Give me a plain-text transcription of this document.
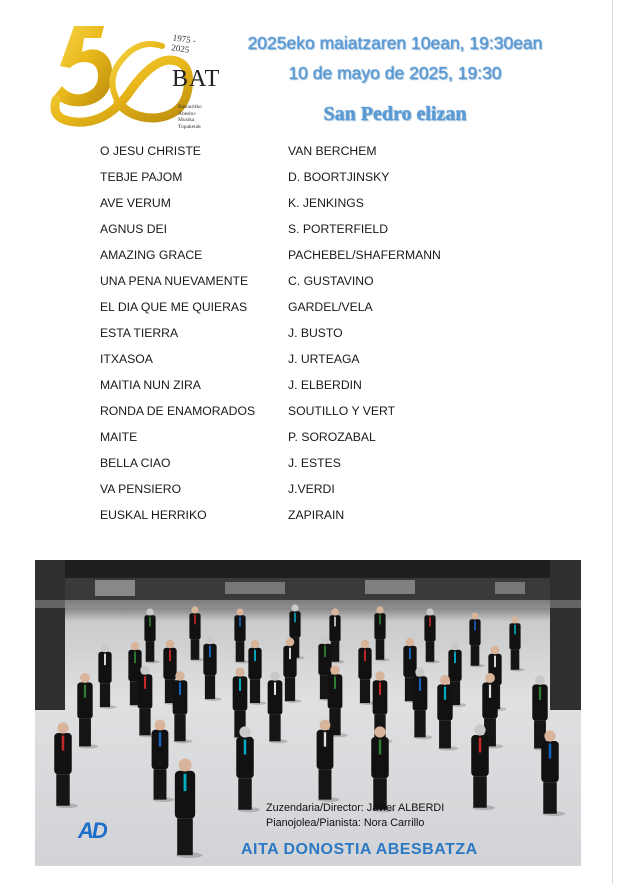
1975 - 2025
BAT
Basoaritko
Abesbo-Musika
Topaketak
2025eko maiatzaren 10ean, 19:30ean
10 de mayo de 2025, 19:30
San Pedro elizan
O JESU CHRISTE	VAN BERCHEM
TEBJE PAJOM	D. BOORTJINSKY
AVE VERUM	K. JENKINGS
AGNUS DEI	S. PORTERFIELD
AMAZING GRACE	PACHEBEL/SHAFERMANN
UNA PENA NUEVAMENTE	C. GUSTAVINO
EL DIA QUE ME QUIERAS	GARDEL/VELA
ESTA TIERRA	J. BUSTO
ITXASOA	J. URTEAGA
MAITIA NUN ZIRA	J. ELBERDIN
RONDA DE ENAMORADOS	SOUTILLO Y VERT
MAITE	P. SOROZABAL
BELLA CIAO	J. ESTES
VA PENSIERO	J.VERDI
EUSKAL HERRIKO	ZAPIRAIN
AD
Zuzendaria/Director: Javier ALBERDI
Pianojolea/Pianista: Nora Carrillo
AITA DONOSTIA ABESBATZA
